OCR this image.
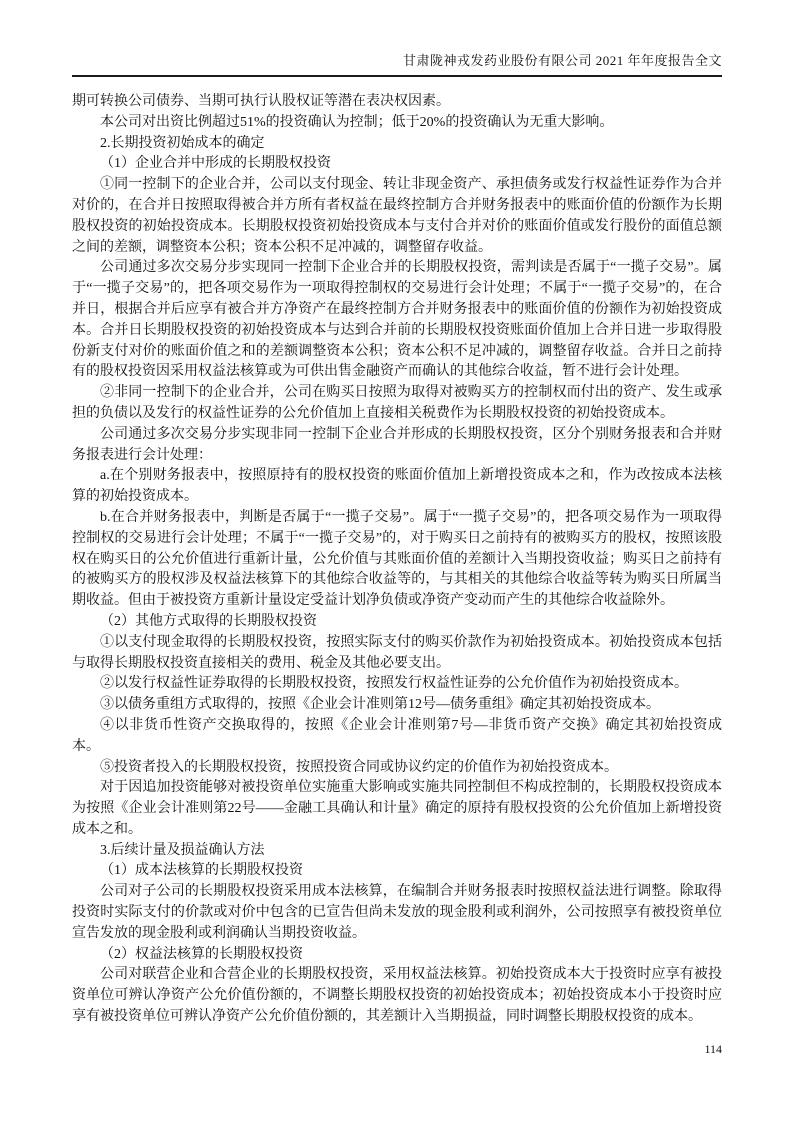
甘肃陇神戎发药业股份有限公司 2021 年年度报告全文

期可转换公司债券、当期可执行认股权证等潜在表决权因素。

本公司对出资比例超过51%的投资确认为控制；低于20%的投资确认为无重大影响。

2.长期投资初始成本的确定

（1）企业合并中形成的长期股权投资

①同一控制下的企业合并，公司以支付现金、转让非现金资产、承担债务或发行权益性证券作为合并对价的，在合并日按照取得被合并方所有者权益在最终控制方合并财务报表中的账面价值的份额作为长期股权投资的初始投资成本。长期股权投资初始投资成本与支付合并对价的账面价值或发行股份的面值总额之间的差额，调整资本公积；资本公积不足冲减的，调整留存收益。

公司通过多次交易分步实现同一控制下企业合并的长期股权投资，需判读是否属于“一揽子交易”。属于“一揽子交易”的，把各项交易作为一项取得控制权的交易进行会计处理；不属于“一揽子交易”的，在合并日，根据合并后应享有被合并方净资产在最终控制方合并财务报表中的账面价值的份额作为初始投资成本。合并日长期股权投资的初始投资成本与达到合并前的长期股权投资账面价值加上合并日进一步取得股份新支付对价的账面价值之和的差额调整资本公积；资本公积不足冲减的，调整留存收益。合并日之前持有的股权投资因采用权益法核算或为可供出售金融资产而确认的其他综合收益，暂不进行会计处理。

②非同一控制下的企业合并，公司在购买日按照为取得对被购买方的控制权而付出的资产、发生或承担的负债以及发行的权益性证券的公允价值加上直接相关税费作为长期股权投资的初始投资成本。

公司通过多次交易分步实现非同一控制下企业合并形成的长期股权投资，区分个别财务报表和合并财务报表进行会计处理：

a.在个别财务报表中，按照原持有的股权投资的账面价值加上新增投资成本之和，作为改按成本法核算的初始投资成本。

b.在合并财务报表中，判断是否属于“一揽子交易”。属于“一揽子交易”的，把各项交易作为一项取得控制权的交易进行会计处理；不属于“一揽子交易”的，对于购买日之前持有的被购买方的股权，按照该股权在购买日的公允价值进行重新计量，公允价值与其账面价值的差额计入当期投资收益；购买日之前持有的被购买方的股权涉及权益法核算下的其他综合收益等的，与其相关的其他综合收益等转为购买日所属当期收益。但由于被投资方重新计量设定受益计划净负债或净资产变动而产生的其他综合收益除外。

（2）其他方式取得的长期股权投资

①以支付现金取得的长期股权投资，按照实际支付的购买价款作为初始投资成本。初始投资成本包括与取得长期股权投资直接相关的费用、税金及其他必要支出。

②以发行权益性证券取得的长期股权投资，按照发行权益性证券的公允价值作为初始投资成本。

③以债务重组方式取得的，按照《企业会计准则第12号—债务重组》确定其初始投资成本。

④以非货币性资产交换取得的，按照《企业会计准则第7号—非货币资产交换》确定其初始投资成本。

⑤投资者投入的长期股权投资，按照投资合同或协议约定的价值作为初始投资成本。

对于因追加投资能够对被投资单位实施重大影响或实施共同控制但不构成控制的，长期股权投资成本为按照《企业会计准则第22号——金融工具确认和计量》确定的原持有股权投资的公允价值加上新增投资成本之和。

3.后续计量及损益确认方法

（1）成本法核算的长期股权投资

公司对子公司的长期股权投资采用成本法核算，在编制合并财务报表时按照权益法进行调整。除取得投资时实际支付的价款或对价中包含的已宣告但尚未发放的现金股利或利润外，公司按照享有被投资单位宣告发放的现金股利或利润确认当期投资收益。

（2）权益法核算的长期股权投资

公司对联营企业和合营企业的长期股权投资，采用权益法核算。初始投资成本大于投资时应享有被投资单位可辨认净资产公允价值份额的，不调整长期股权投资的初始投资成本；初始投资成本小于投资时应享有被投资单位可辨认净资产公允价值份额的，其差额计入当期损益，同时调整长期股权投资的成本。

114
